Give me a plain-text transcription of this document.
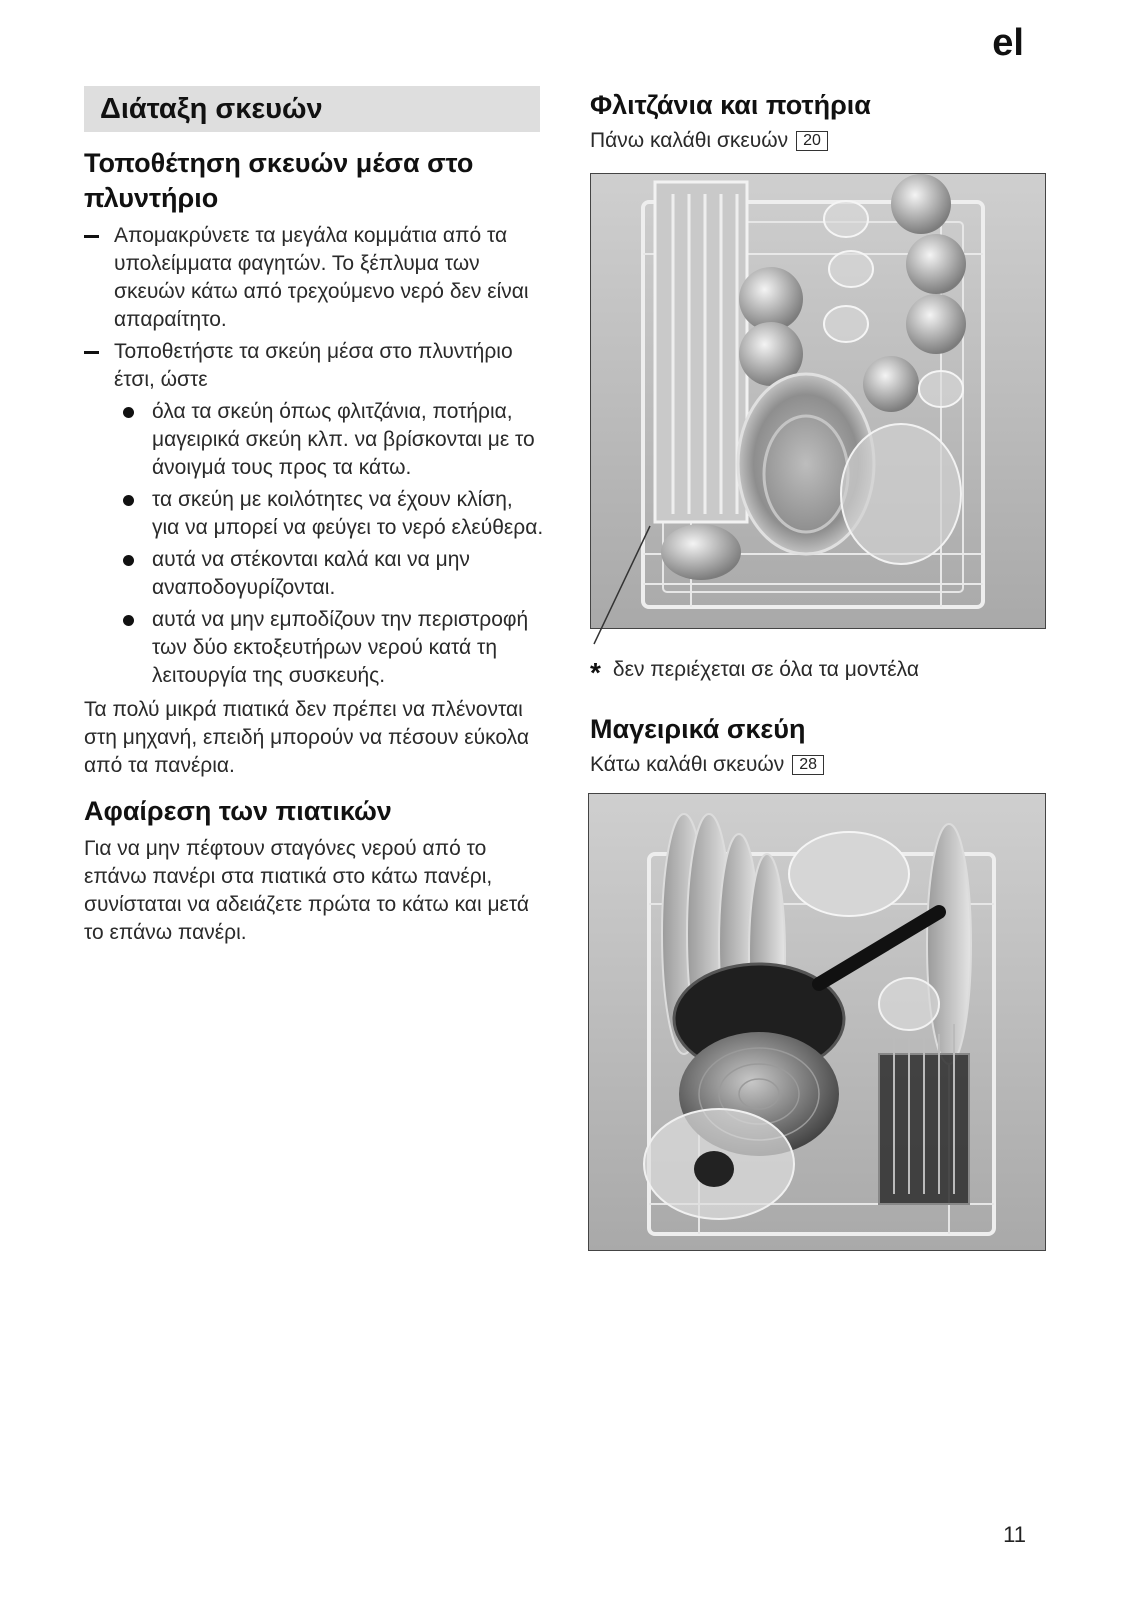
el
Διάταξη σκευών
Τοποθέτηση σκευών μέσα στο πλυντήριο
Απομακρύνετε τα μεγάλα κομμάτια από τα υπολείμματα φαγητών. Το ξέπλυμα των σκευών κάτω από τρεχούμενο νερό δεν είναι απαραίτητο.
Τοποθετήστε τα σκεύη μέσα στο πλυντήριο έτσι, ώστε
όλα τα σκεύη όπως φλιτζάνια, ποτήρια, μαγειρικά σκεύη κλπ. να βρίσκονται με το άνοιγμά τους προς τα κάτω.
τα σκεύη με κοιλότητες να έχουν κλίση, για να μπορεί να φεύγει το νερό ελεύθερα.
αυτά να στέκονται καλά και να μην αναποδογυρίζονται.
αυτά να μην εμποδίζουν την περιστροφή των δύο εκτοξευτήρων νερού κατά τη λειτουργία της συσκευής.

Τα πολύ μικρά πιατικά δεν πρέπει να πλένονται στη μηχανή, επειδή μπορούν να πέσουν εύκολα από τα πανέρια.

Αφαίρεση των πιατικών

Για να μην πέφτουν σταγόνες νερού από το επάνω πανέρι στα πιατικά στο κάτω πανέρι, συνίσταται να αδειάζετε πρώτα το κάτω και μετά το επάνω πανέρι.

Φλιτζάνια και ποτήρια
Πάνω καλάθι σκευών 20
* δεν περιέχεται σε όλα τα μοντέλα
Μαγειρικά σκεύη
Κάτω καλάθι σκευών 28
11
